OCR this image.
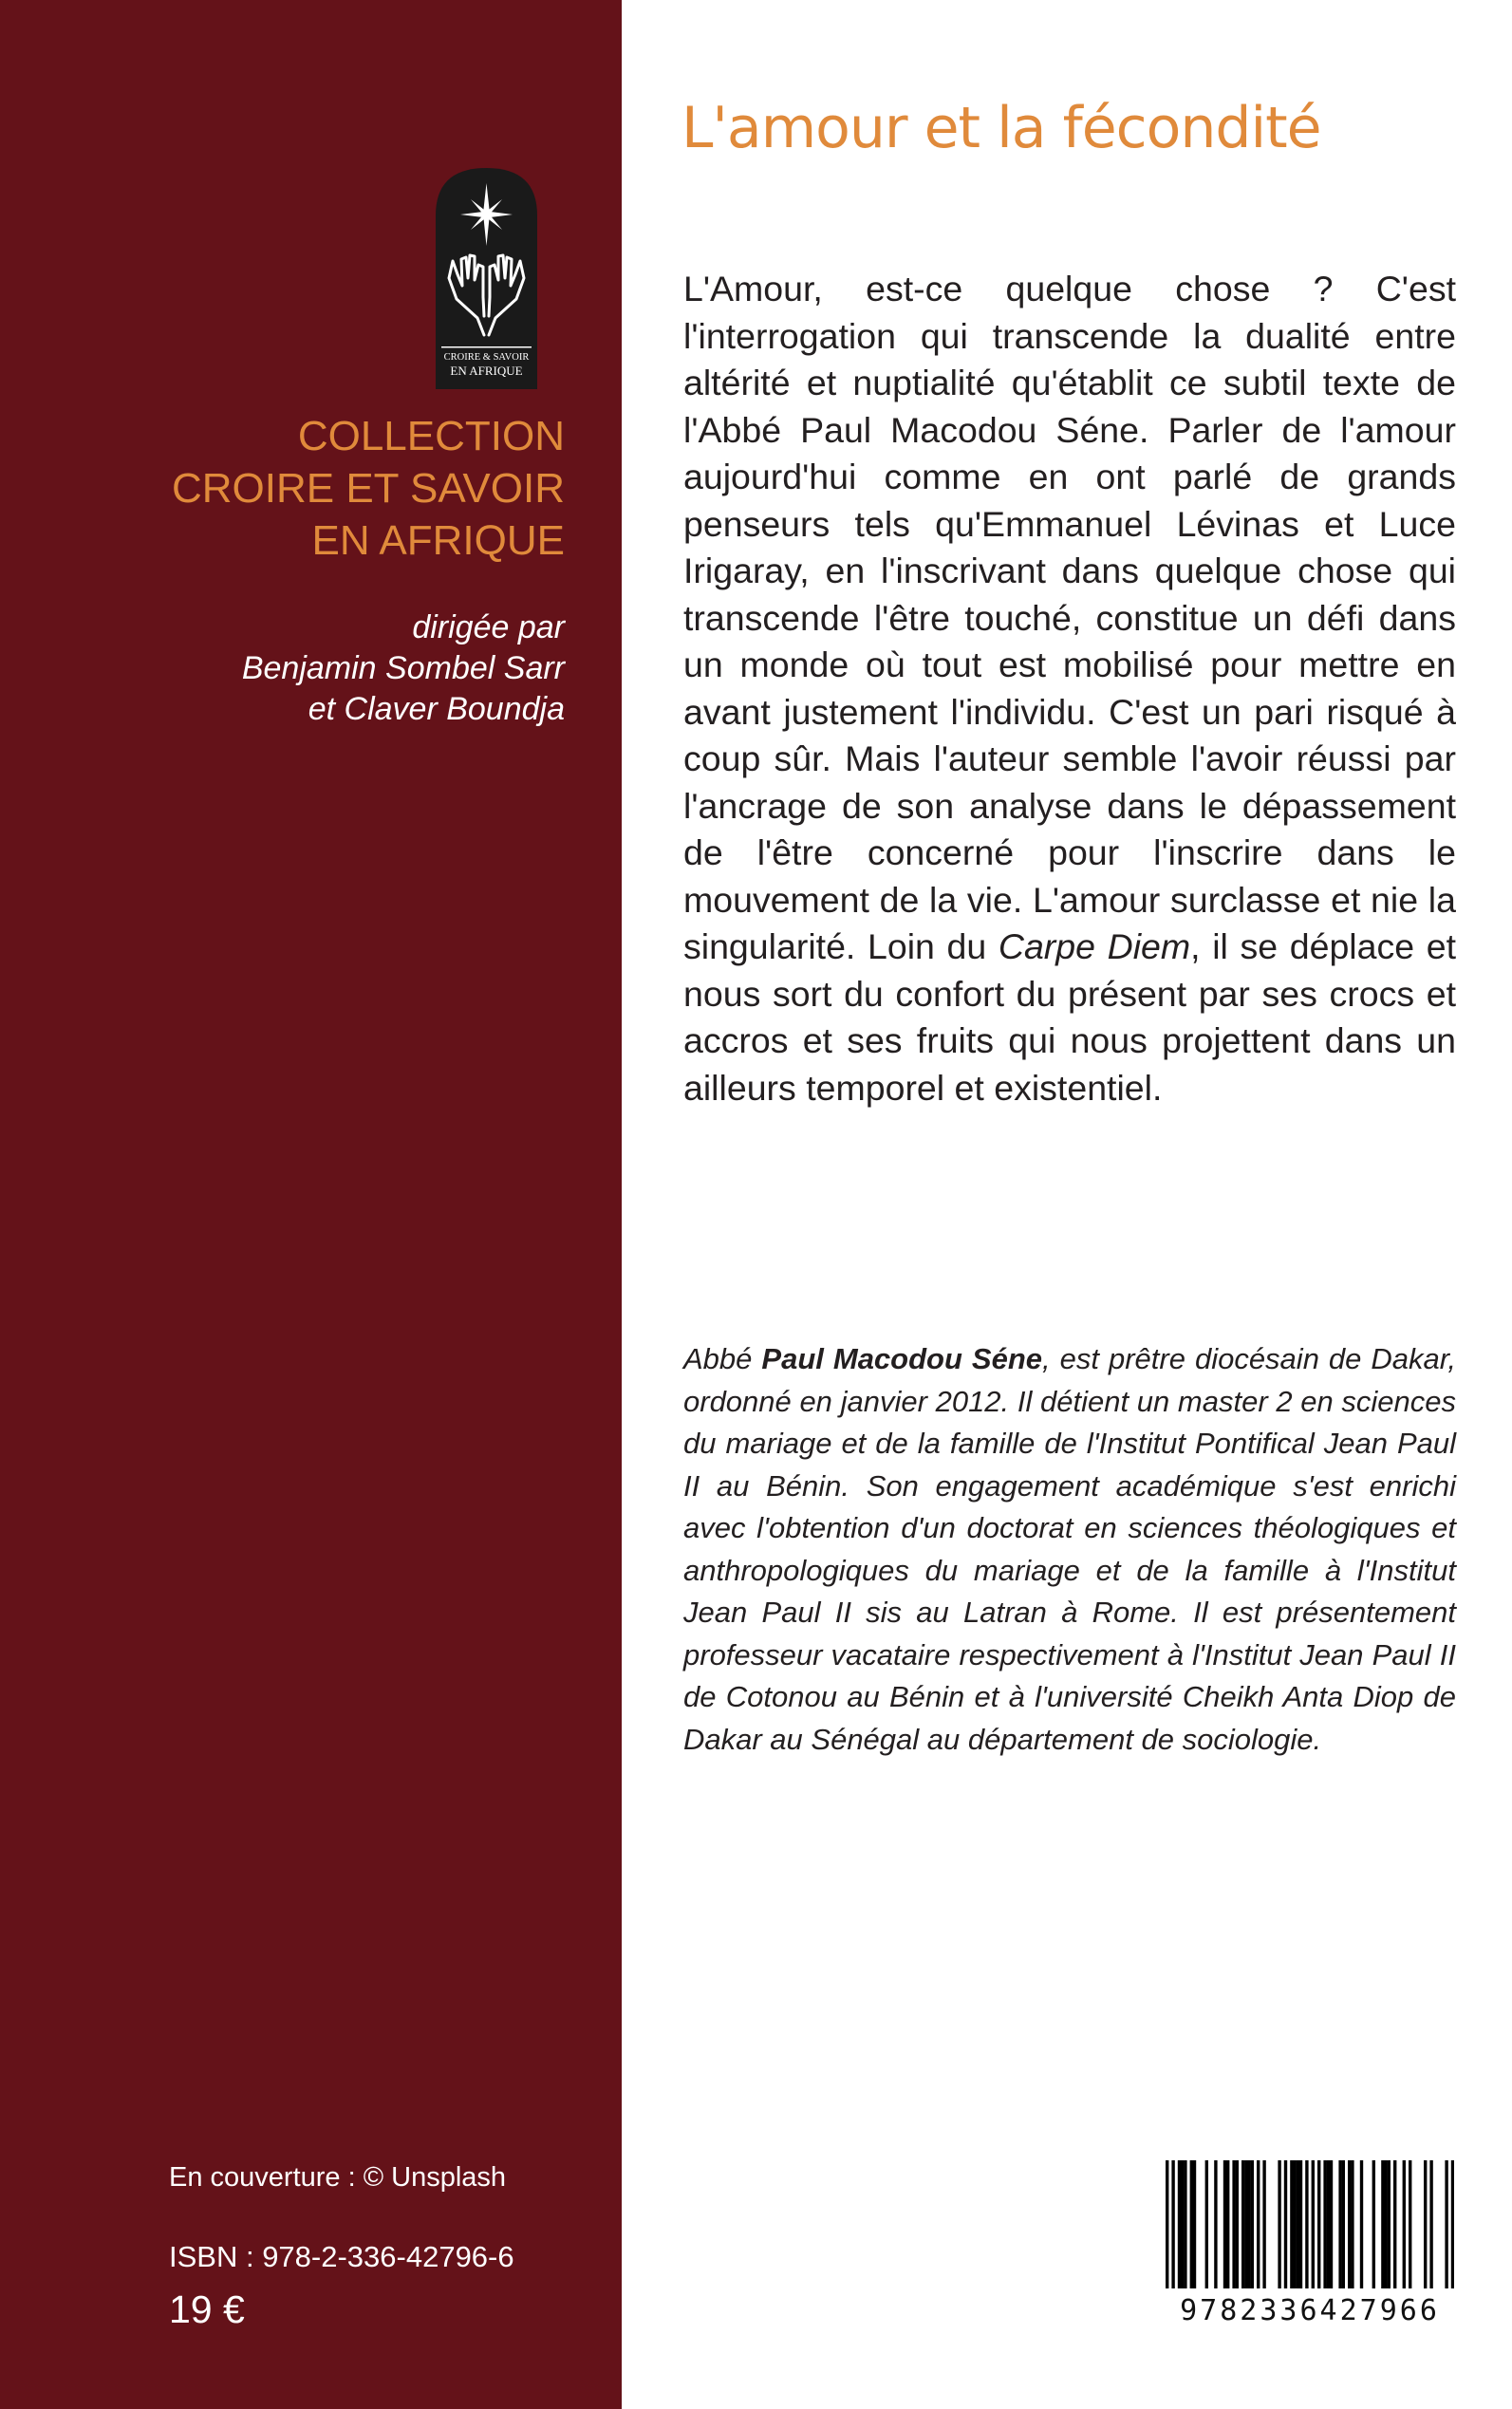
CROIRE & SAVOIR
EN AFRIQUE
COLLECTION
CROIRE ET SAVOIR
EN AFRIQUE
dirigée par
Benjamin Sombel Sarr
et Claver Boundja
En couverture : © Unsplash
ISBN : 978-2-336-42796-6
19 €
L'amour et la fécondité

L'Amour, est-ce quelque chose ? C'est l'interrogation qui transcende la dualité entre altérité et nuptialité qu'établit ce subtil texte de l'Abbé Paul Macodou Séne. Parler de l'amour aujourd'hui comme en ont parlé de grands penseurs tels qu'Emmanuel Lévinas et Luce Irigaray, en l'inscrivant dans quelque chose qui transcende l'être touché, constitue un défi dans un monde où tout est mobilisé pour mettre en avant justement l'individu. C'est un pari risqué à coup sûr. Mais l'auteur semble l'avoir réussi par l'ancrage de son analyse dans le dépassement de l'être concerné pour l'inscrire dans le mouvement de la vie. L'amour surclasse et nie la singularité. Loin du Carpe Diem, il se déplace et nous sort du confort du présent par ses crocs et accros et ses fruits qui nous projettent dans un ailleurs temporel et existentiel.

Abbé Paul Macodou Séne, est prêtre diocésain de Dakar, ordonné en janvier 2012. Il détient un master 2 en sciences du mariage et de la famille de l'Institut Pontifical Jean Paul II au Bénin. Son engagement académique s'est enrichi avec l'obtention d'un doctorat en sciences théologiques et anthropologiques du mariage et de la famille à l'Institut Jean Paul II sis au Latran à Rome. Il est présentement professeur vacataire respectivement à l'Institut Jean Paul II de Cotonou au Bénin et à l'université Cheikh Anta Diop de Dakar au Sénégal au département de sociologie.

9782336427966
